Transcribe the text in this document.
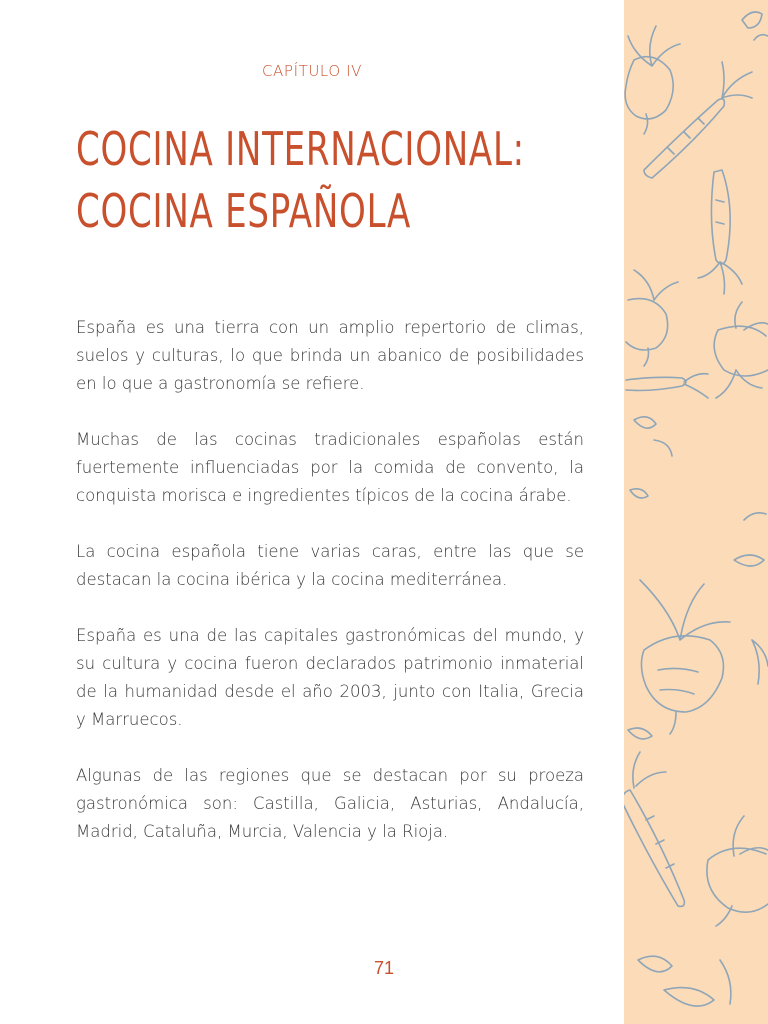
CAPÍTULO IV
COCINA INTERNACIONAL:
COCINA ESPAÑOLA

España es una tierra con un amplio repertorio de climas, suelos y culturas, lo que brinda un abanico de posibilidades en lo que a gastronomía se refiere.

Muchas de las cocinas tradicionales españolas están fuertemente influenciadas por la comida de convento, la conquista morisca e ingredientes típicos de la cocina árabe.

La cocina española tiene varias caras, entre las que se destacan la cocina ibérica y la cocina mediterránea.

España es una de las capitales gastronómicas del mundo, y su cultura y cocina fueron declarados patrimonio inmaterial de la humanidad desde el año 2003, junto con Italia, Grecia y Marruecos.

Algunas de las regiones que se destacan por su proeza gastronómica son: Castilla, Galicia, Asturias, Andalucía, Madrid, Cataluña, Murcia, Valencia y la Rioja.

71
